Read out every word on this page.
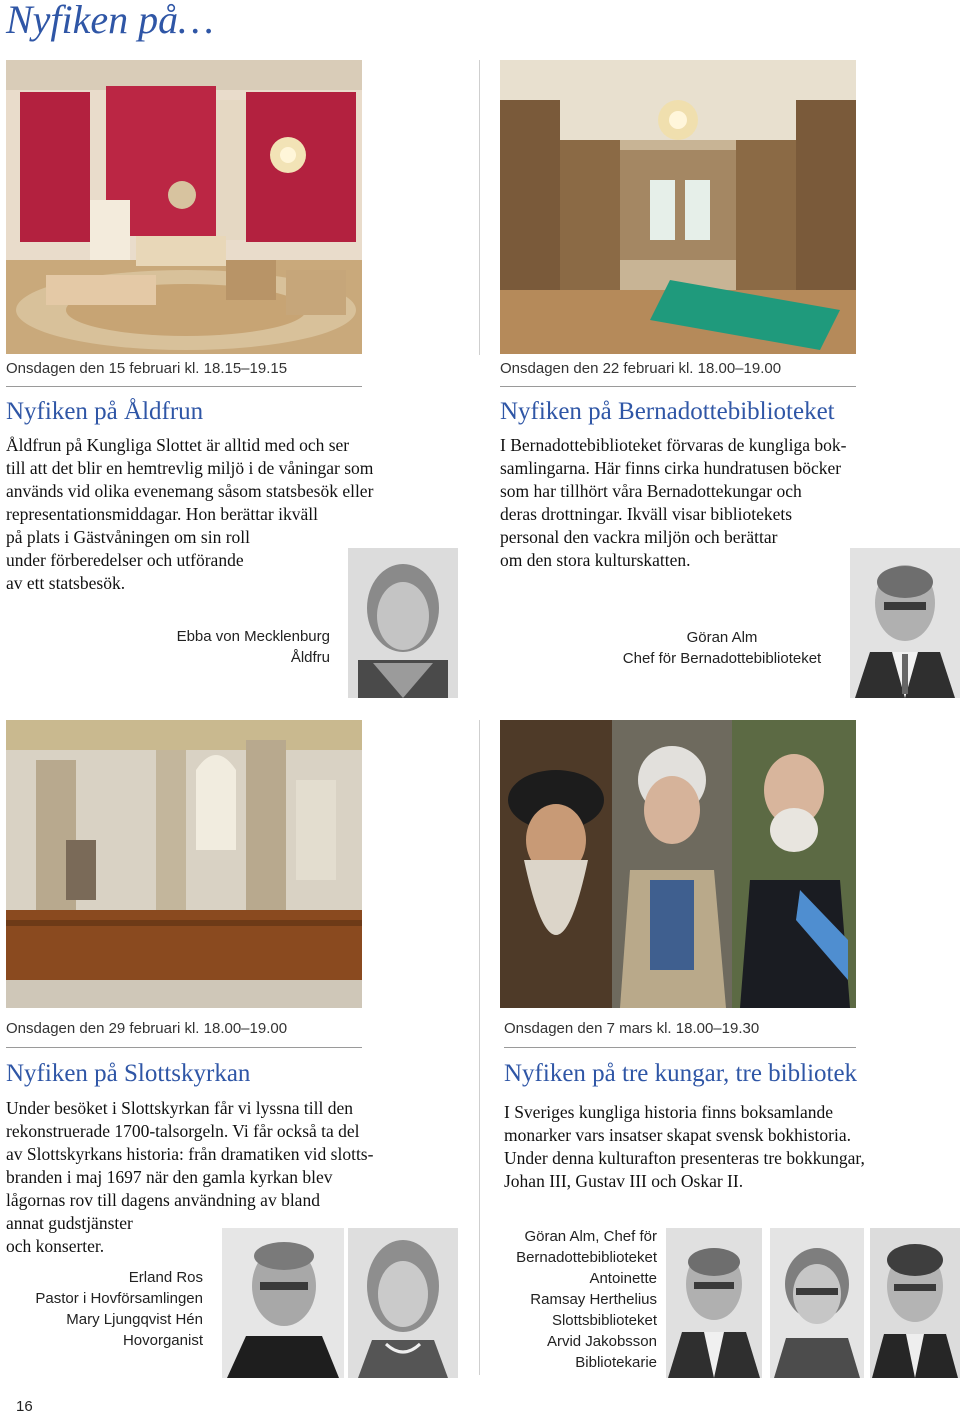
Nyfiken på…
Onsdagen den 15 februari kl. 18.15–19.15
Nyfiken på Åldfrun
Åldfrun på Kungliga Slottet är alltid med och ser
till att det blir en hemtrevlig miljö i de våningar som
används vid olika evenemang såsom statsbesök eller
representationsmiddagar. Hon berättar ikväll
på plats i Gästvåningen om sin roll
under förberedelser och utförande
av ett statsbesök.
Ebba von Mecklenburg
Åldfru
Onsdagen den 22 februari kl. 18.00–19.00
Nyfiken på Bernadottebiblioteket
I Bernadottebiblioteket förvaras de kungliga bok-
samlingarna. Här finns cirka hundratusen böcker
som har tillhört våra Bernadottekungar och
deras drottningar. Ikväll visar bibliotekets
personal den vackra miljön och berättar
om den stora kulturskatten.
Göran Alm
Chef för Bernadottebiblioteket
Onsdagen den 29 februari kl. 18.00–19.00
Nyfiken på Slottskyrkan
Under besöket i Slottskyrkan får vi lyssna till den
rekonstruerade 1700-talsorgeln. Vi får också ta del
av Slottskyrkans historia: från dramatiken vid slotts-
branden i maj 1697 när den gamla kyrkan blev
lågornas rov till dagens användning av bland
annat gudstjänster
och konserter.
Erland Ros
Pastor i Hovförsamlingen
Mary Ljungqvist Hén
Hovorganist
Onsdagen den 7 mars kl. 18.00–19.30
Nyfiken på tre kungar, tre bibliotek
I Sveriges kungliga historia finns boksamlande
monarker vars insatser skapat svensk bokhistoria.
Under denna kulturafton presenteras tre bokkungar,
Johan III, Gustav III och Oskar II.
Göran Alm, Chef för
Bernadottebiblioteket
Antoinette
Ramsay Herthelius
Slottsbiblioteket
Arvid Jakobsson
Bibliotekarie
16
